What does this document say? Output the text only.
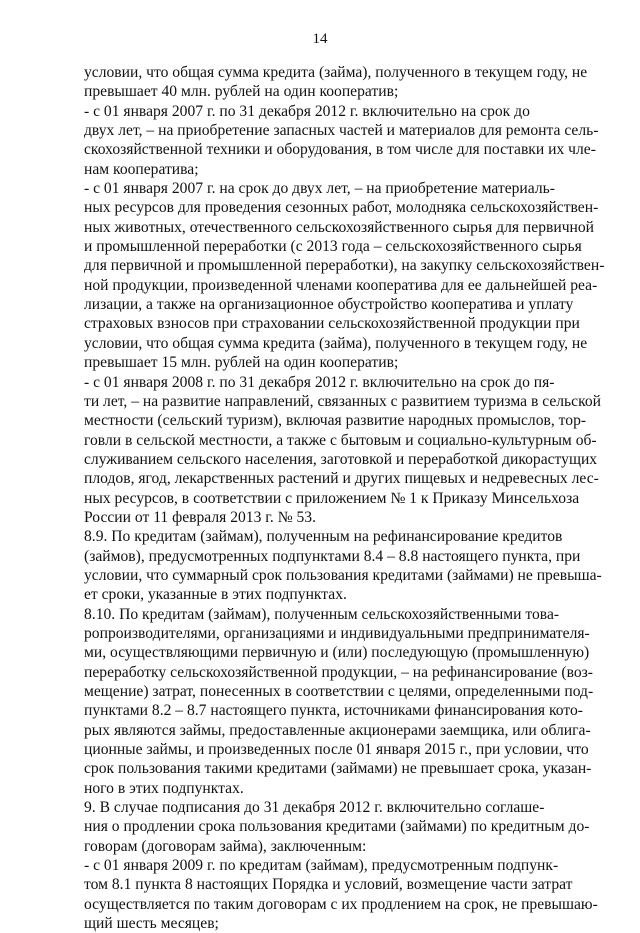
14

условии, что общая сумма кредита (займа), полученного в текущем году, не
превышает 40 млн. рублей на один кооператив;

- с 01 января 2007 г. по 31 декабря 2012 г. включительно на срок до
двух лет, – на приобретение запасных частей и материалов для ремонта сель-
скохозяйственной техники и оборудования, в том числе для поставки их чле-
нам кооператива;

- с 01 января 2007 г. на срок до двух лет, – на приобретение материаль-
ных ресурсов для проведения сезонных работ, молодняка сельскохозяйствен-
ных животных, отечественного сельскохозяйственного сырья для первичной
и промышленной переработки (с 2013 года – сельскохозяйственного сырья
для первичной и промышленной переработки), на закупку сельскохозяйствен-
ной продукции, произведенной членами кооператива для ее дальнейшей реа-
лизации, а также на организационное обустройство кооператива и уплату
страховых взносов при страховании сельскохозяйственной продукции при
условии, что общая сумма кредита (займа), полученного в текущем году, не
превышает 15 млн. рублей на один кооператив;

- с 01 января 2008 г. по 31 декабря 2012 г. включительно на срок до пя-
ти лет, – на развитие направлений, связанных с развитием туризма в сельской
местности (сельский туризм), включая развитие народных промыслов, тор-
говли в сельской местности, а также с бытовым и социально-культурным об-
служиванием сельского населения, заготовкой и переработкой дикорастущих
плодов, ягод, лекарственных растений и других пищевых и недревесных лес-
ных ресурсов, в соответствии с приложением № 1 к Приказу Минсельхоза
России от 11 февраля 2013 г. № 53.

8.9. По кредитам (займам), полученным на рефинансирование кредитов
(займов), предусмотренных подпунктами 8.4 – 8.8 настоящего пункта, при
условии, что суммарный срок пользования кредитами (займами) не превыша-
ет сроки, указанные в этих подпунктах.

8.10. По кредитам (займам), полученным сельскохозяйственными това-
ропроизводителями, организациями и индивидуальными предпринимателя-
ми, осуществляющими первичную и (или) последующую (промышленную)
переработку сельскохозяйственной продукции, – на рефинансирование (воз-
мещение) затрат, понесенных в соответствии с целями, определенными под-
пунктами 8.2 – 8.7 настоящего пункта, источниками финансирования кото-
рых являются займы, предоставленные акционерами заемщика, или облига-
ционные займы, и произведенных после 01 января 2015 г., при условии, что
срок пользования такими кредитами (займами) не превышает срока, указан-
ного в этих подпунктах.

9. В случае подписания до 31 декабря 2012 г. включительно соглаше-
ния о продлении срока пользования кредитами (займами) по кредитным до-
говорам (договорам займа), заключенным:

- с 01 января 2009 г. по кредитам (займам), предусмотренным подпунк-
том 8.1 пункта 8 настоящих Порядка и условий, возмещение части затрат
осуществляется по таким договорам с их продлением на срок, не превышаю-
щий шесть месяцев;
